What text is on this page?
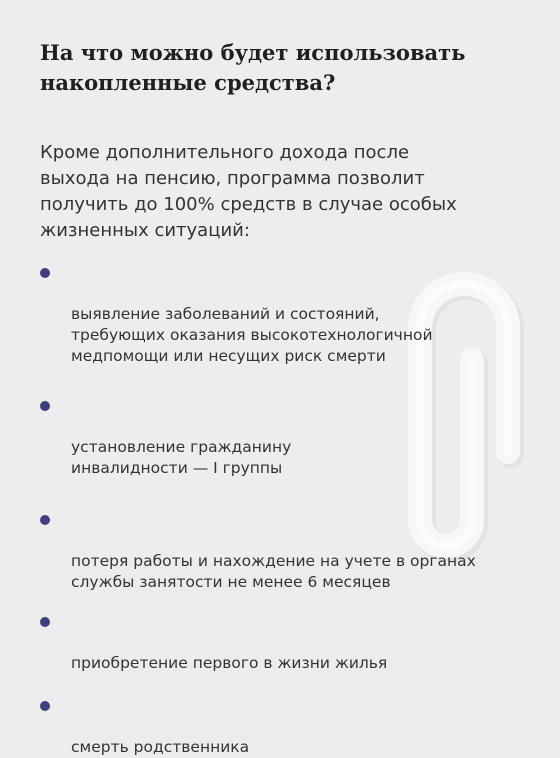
На что можно будет использовать
накопленные средства?

Кроме дополнительного дохода после
выхода на пенсию, программа позволит
получить до 100% средств в случае особых
жизненных ситуаций:

выявление заболеваний и состояний,
требующих оказания высокотехнологичной
медпомощи или несущих риск смерти

установление гражданину
инвалидности — I группы

потеря работы и нахождение на учете в органах
службы занятости не менее 6 месяцев

приобретение первого в жизни жилья

смерть родственника
